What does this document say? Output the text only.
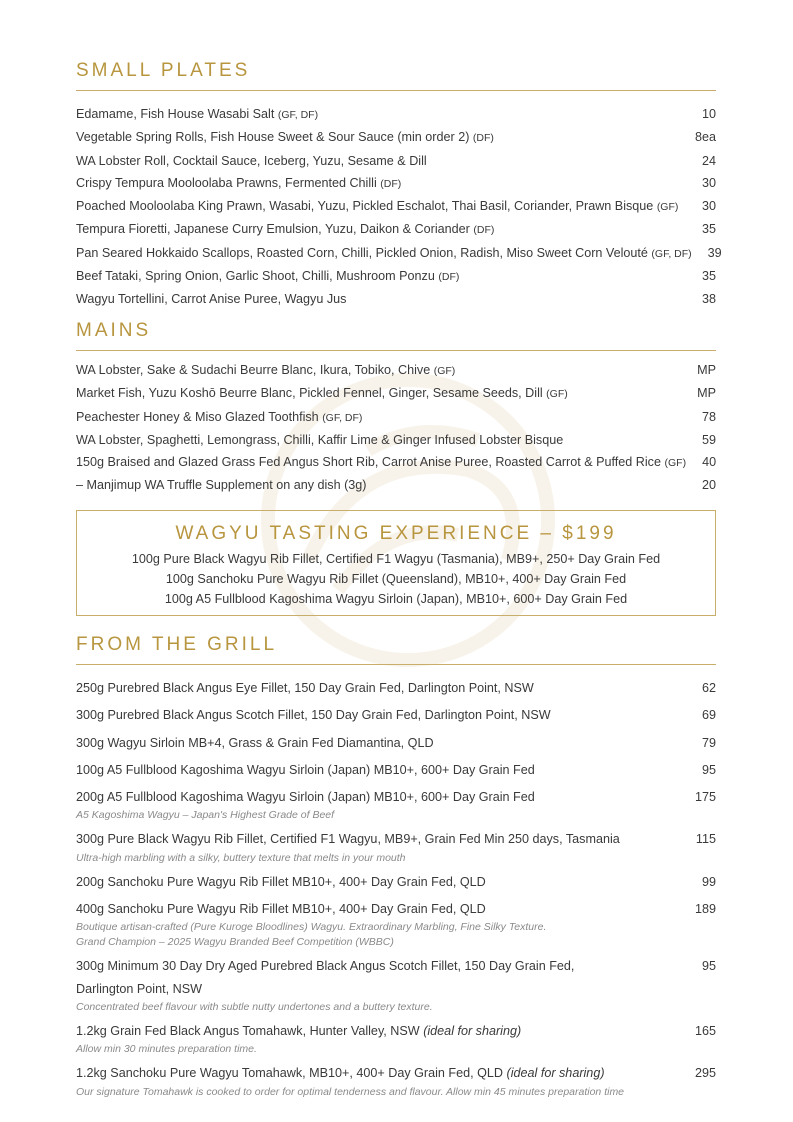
SMALL PLATES
Edamame, Fish House Wasabi Salt (GF, DF)	10
Vegetable Spring Rolls, Fish House Sweet & Sour Sauce (min order 2) (DF)	8ea
WA Lobster Roll, Cocktail Sauce, Iceberg, Yuzu, Sesame & Dill	24
Crispy Tempura Mooloolaba Prawns, Fermented Chilli (DF)	30
Poached Mooloolaba King Prawn, Wasabi, Yuzu, Pickled Eschalot, Thai Basil, Coriander, Prawn Bisque (GF)	30
Tempura Fioretti, Japanese Curry Emulsion, Yuzu, Daikon & Coriander (DF)	35
Pan Seared Hokkaido Scallops, Roasted Corn, Chilli, Pickled Onion, Radish, Miso Sweet Corn Velouté (GF, DF)	39
Beef Tataki, Spring Onion, Garlic Shoot, Chilli, Mushroom Ponzu (DF)	35
Wagyu Tortellini, Carrot Anise Puree, Wagyu Jus	38
MAINS
WA Lobster, Sake & Sudachi Beurre Blanc, Ikura, Tobiko, Chive (GF)	MP
Market Fish, Yuzu Koshō Beurre Blanc, Pickled Fennel, Ginger, Sesame Seeds, Dill (GF)	MP
Peachester Honey & Miso Glazed Toothfish (GF, DF)	78
WA Lobster, Spaghetti, Lemongrass, Chilli, Kaffir Lime & Ginger Infused Lobster Bisque	59
150g Braised and Glazed Grass Fed Angus Short Rib, Carrot Anise Puree, Roasted Carrot & Puffed Rice (GF)	40
– Manjimup WA Truffle Supplement on any dish (3g)	20
FROM THE GRILL
250g Purebred Black Angus Eye Fillet, 150 Day Grain Fed, Darlington Point, NSW	62
300g Purebred Black Angus Scotch Fillet, 150 Day Grain Fed, Darlington Point, NSW	69
300g Wagyu Sirloin MB+4, Grass & Grain Fed Diamantina, QLD	79
100g A5 Fullblood Kagoshima Wagyu Sirloin (Japan) MB10+, 600+ Day Grain Fed	95
200g A5 Fullblood Kagoshima Wagyu Sirloin (Japan) MB10+, 600+ Day Grain Fed	175
A5 Kagoshima Wagyu – Japan's Highest Grade of Beef
300g Pure Black Wagyu Rib Fillet, Certified F1 Wagyu, MB9+, Grain Fed Min 250 days, Tasmania	115
Ultra-high marbling with a silky, buttery texture that melts in your mouth
200g Sanchoku Pure Wagyu Rib Fillet MB10+, 400+ Day Grain Fed, QLD	99
400g Sanchoku Pure Wagyu Rib Fillet MB10+, 400+ Day Grain Fed, QLD	189
Boutique artisan-crafted (Pure Kuroge Bloodlines) Wagyu. Extraordinary Marbling, Fine Silky Texture.
Grand Champion – 2025 Wagyu Branded Beef Competition (WBBC)
300g Minimum 30 Day Dry Aged Purebred Black Angus Scotch Fillet, 150 Day Grain Fed,	95
Darlington Point, NSW
Concentrated beef flavour with subtle nutty undertones and a buttery texture.
1.2kg Grain Fed Black Angus Tomahawk, Hunter Valley, NSW (ideal for sharing)	165
Allow min 30 minutes preparation time.
1.2kg Sanchoku Pure Wagyu Tomahawk, MB10+, 400+ Day Grain Fed, QLD (ideal for sharing)	295
Our signature Tomahawk is cooked to order for optimal tenderness and flavour. Allow min 45 minutes preparation time
WAGYU TASTING EXPERIENCE – $199

100g Pure Black Wagyu Rib Fillet, Certified F1 Wagyu (Tasmania), MB9+, 250+ Day Grain Fed

100g Sanchoku Pure Wagyu Rib Fillet (Queensland), MB10+, 400+ Day Grain Fed

100g A5 Fullblood Kagoshima Wagyu Sirloin (Japan), MB10+, 600+ Day Grain Fed
